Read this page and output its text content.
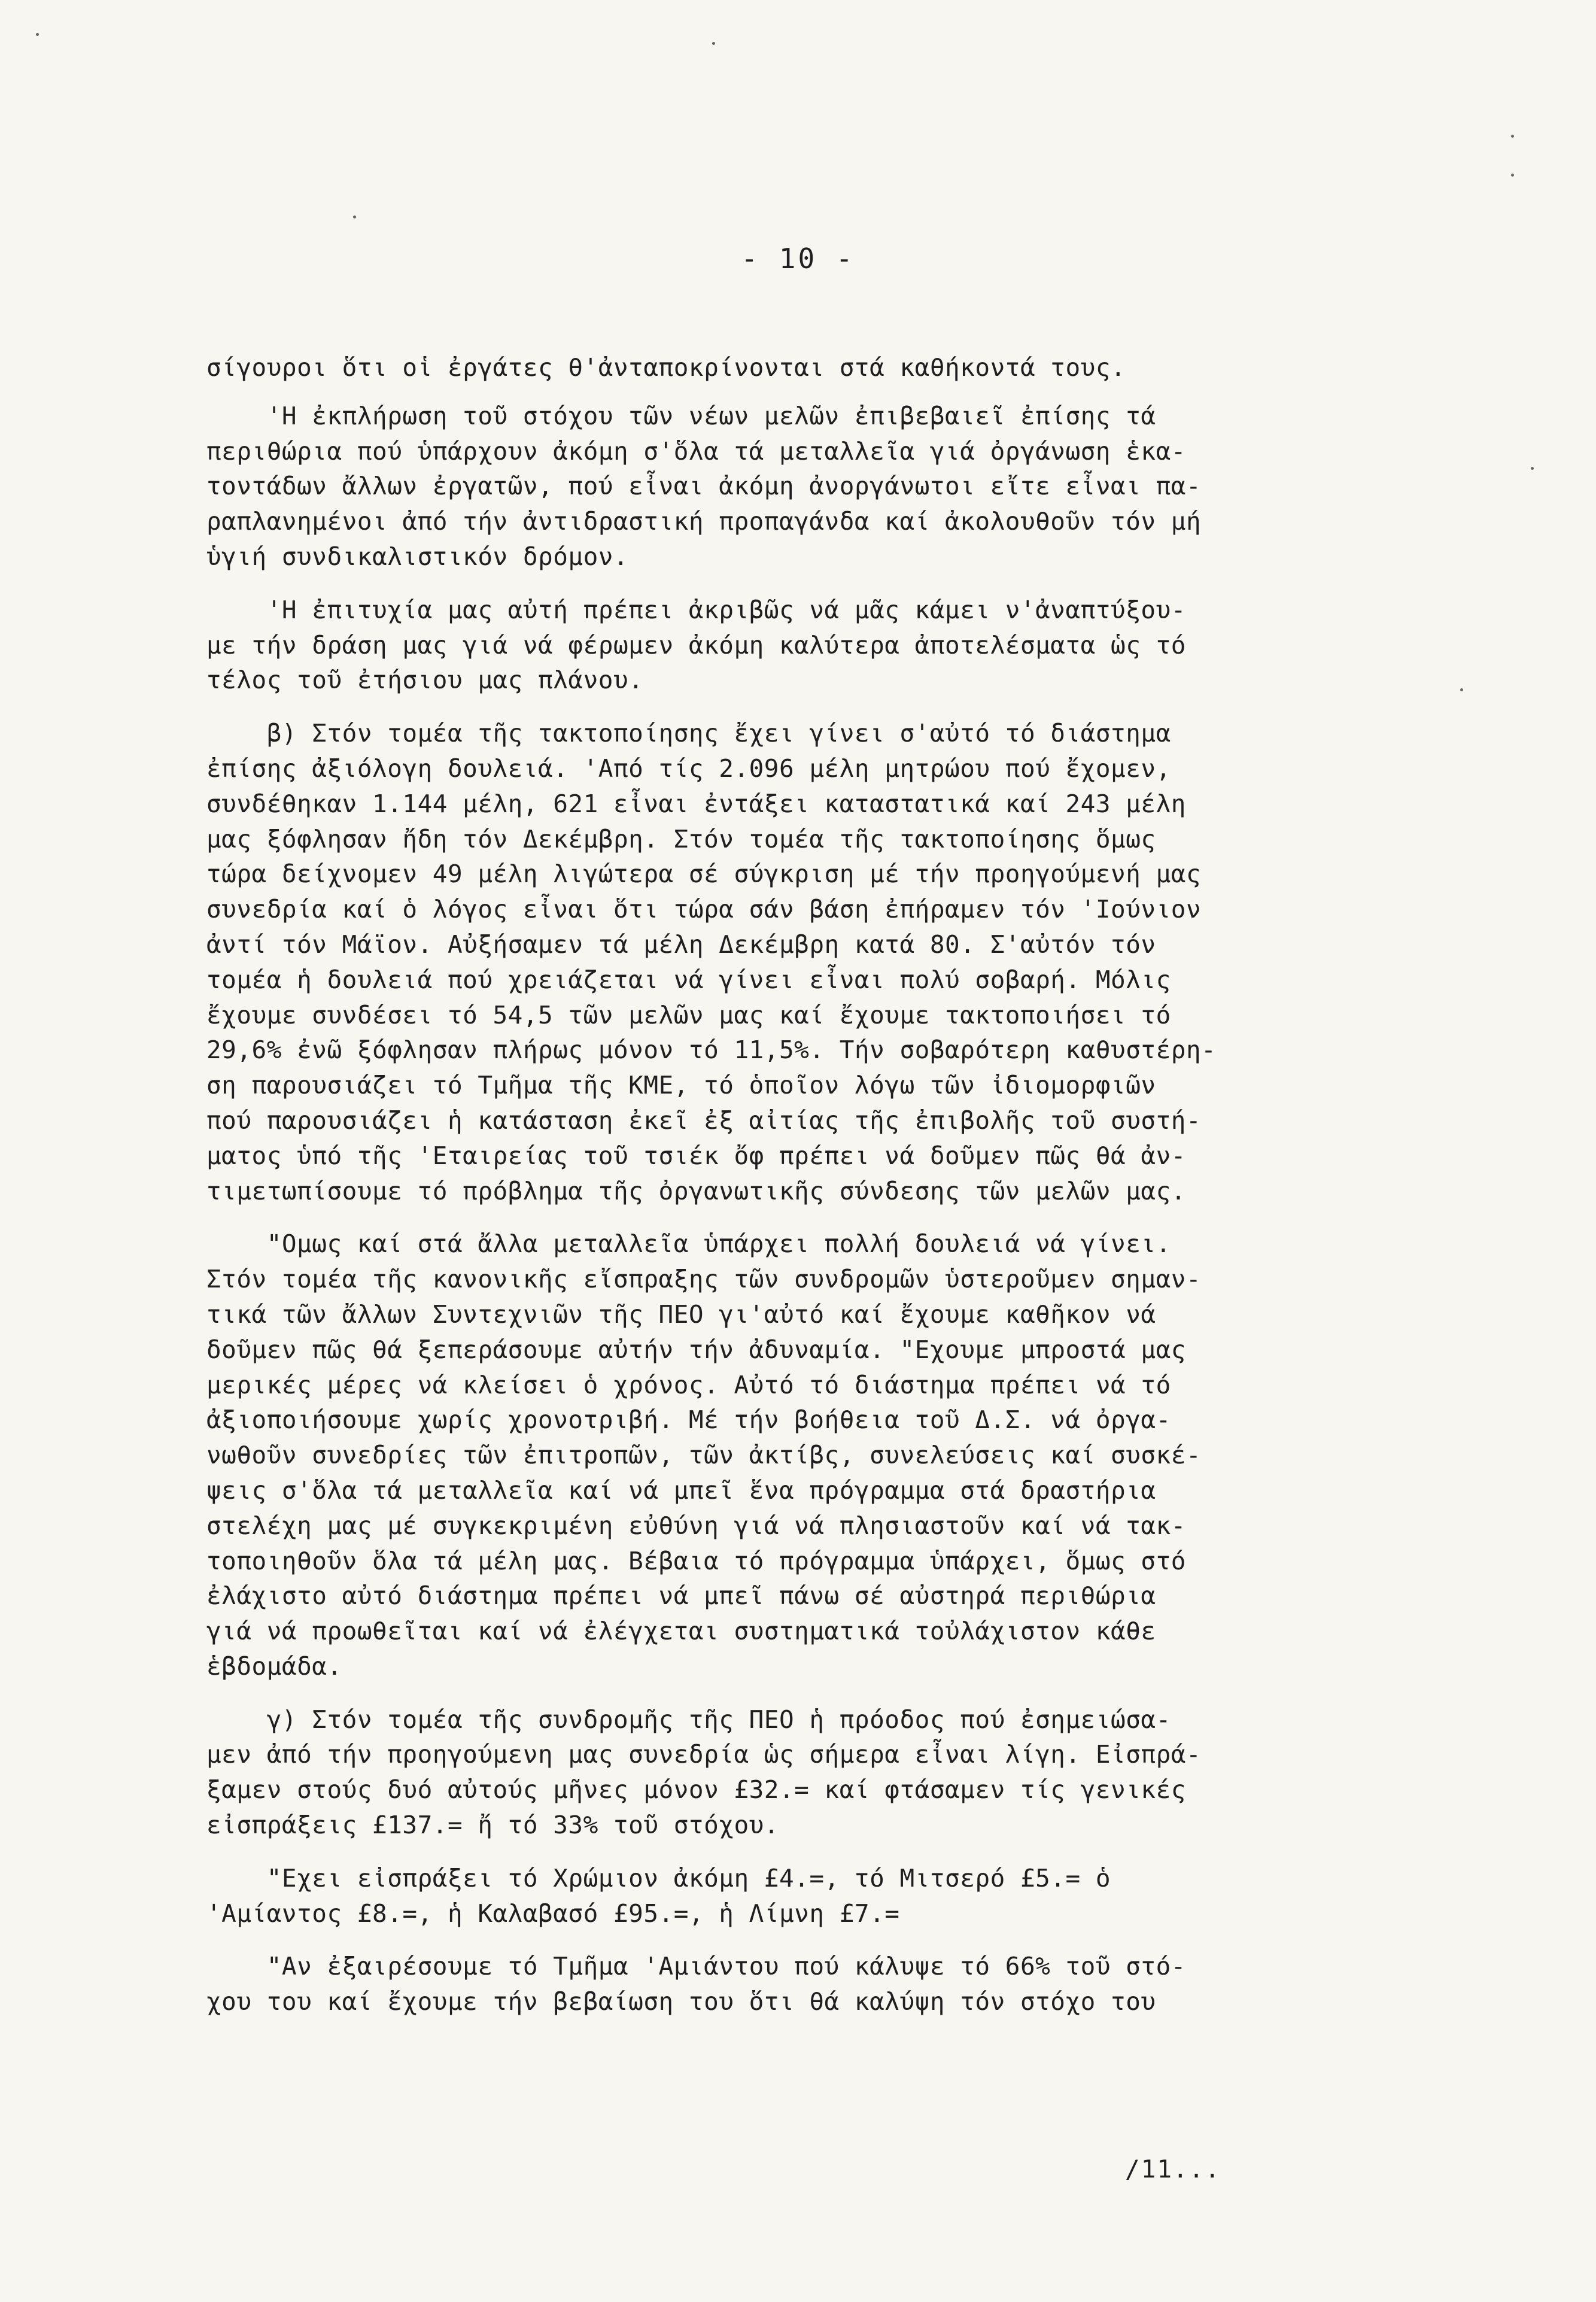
- 10 -
σίγουροι ὅτι οἱ ἐργάτες θ'ἀνταποκρίνονται στά καθήκοντά τους.
'Η ἐκπλήρωση τοῦ στόχου τῶν νέων μελῶν ἐπιβεβαιεῖ ἐπίσης τά
περιθώρια πού ὑπάρχουν ἀκόμη σ'ὅλα τά μεταλλεῖα γιά ὀργάνωση ἑκα-
τοντάδων ἄλλων ἐργατῶν, πού εἶναι ἀκόμη ἀνοργάνωτοι εἴτε εἶναι πα-
ραπλανημένοι ἀπό τήν ἀντιδραστική προπαγάνδα καί ἀκολουθοῦν τόν μή
ὑγιή συνδικαλιστικόν δρόμον.
'Η ἐπιτυχία μας αὐτή πρέπει ἀκριβῶς νά μᾶς κάμει ν'ἀναπτύξου-
με τήν δράση μας γιά νά φέρωμεν ἀκόμη καλύτερα ἀποτελέσματα ὡς τό
τέλος τοῦ ἐτήσιου μας πλάνου.
β) Στόν τομέα τῆς τακτοποίησης ἔχει γίνει σ'αὐτό τό διάστημα
ἐπίσης ἀξιόλογη δουλειά. 'Από τίς 2.096 μέλη μητρώου πού ἔχομεν,
συνδέθηκαν 1.144 μέλη, 621 εἶναι ἐντάξει καταστατικά καί 243 μέλη
μας ξόφλησαν ἤδη τόν Δεκέμβρη. Στόν τομέα τῆς τακτοποίησης ὅμως
τώρα δείχνομεν 49 μέλη λιγώτερα σέ σύγκριση μέ τήν προηγούμενή μας
συνεδρία καί ὁ λόγος εἶναι ὅτι τώρα σάν βάση ἐπήραμεν τόν 'Ιούνιον
ἀντί τόν Μάϊον. Αὐξήσαμεν τά μέλη Δεκέμβρη κατά 80. Σ'αὐτόν τόν
τομέα ἡ δουλειά πού χρειάζεται νά γίνει εἶναι πολύ σοβαρή. Μόλις
ἔχουμε συνδέσει τό 54,5 τῶν μελῶν μας καί ἔχουμε τακτοποιήσει τό
29,6% ἐνῶ ξόφλησαν πλήρως μόνον τό 11,5%. Τήν σοβαρότερη καθυστέρη-
ση παρουσιάζει τό Τμῆμα τῆς ΚΜΕ, τό ὁποῖον λόγω τῶν ἰδιομορφιῶν
πού παρουσιάζει ἡ κατάσταση ἐκεῖ ἐξ αἰτίας τῆς ἐπιβολῆς τοῦ συστή-
ματος ὑπό τῆς 'Εταιρείας τοῦ τσιέκ ὄφ πρέπει νά δοῦμεν πῶς θά ἀν-
τιμετωπίσουμε τό πρόβλημα τῆς ὀργανωτικῆς σύνδεσης τῶν μελῶν μας.
"Ομως καί στά ἄλλα μεταλλεῖα ὑπάρχει πολλή δουλειά νά γίνει.
Στόν τομέα τῆς κανονικῆς εἴσπραξης τῶν συνδρομῶν ὑστεροῦμεν σημαν-
τικά τῶν ἄλλων Συντεχνιῶν τῆς ΠΕΟ γι'αὐτό καί ἔχουμε καθῆκον νά
δοῦμεν πῶς θά ξεπεράσουμε αὐτήν τήν ἀδυναμία. "Εχουμε μπροστά μας
μερικές μέρες νά κλείσει ὁ χρόνος. Αὐτό τό διάστημα πρέπει νά τό
ἀξιοποιήσουμε χωρίς χρονοτριβή. Μέ τήν βοήθεια τοῦ Δ.Σ. νά ὀργα-
νωθοῦν συνεδρίες τῶν ἐπιτροπῶν, τῶν ἀκτίβς, συνελεύσεις καί συσκέ-
ψεις σ'ὅλα τά μεταλλεῖα καί νά μπεῖ ἕνα πρόγραμμα στά δραστήρια
στελέχη μας μέ συγκεκριμένη εὐθύνη γιά νά πλησιαστοῦν καί νά τακ-
τοποιηθοῦν ὅλα τά μέλη μας. Βέβαια τό πρόγραμμα ὑπάρχει, ὅμως στό
ἐλάχιστο αὐτό διάστημα πρέπει νά μπεῖ πάνω σέ αὐστηρά περιθώρια
γιά νά προωθεῖται καί νά ἐλέγχεται συστηματικά τοὐλάχιστον κάθε
ἑβδομάδα.
γ) Στόν τομέα τῆς συνδρομῆς τῆς ΠΕΟ ἡ πρόοδος πού ἐσημειώσα-
μεν ἀπό τήν προηγούμενη μας συνεδρία ὡς σήμερα εἶναι λίγη. Εἰσπρά-
ξαμεν στούς δυό αὐτούς μῆνες μόνον £32.= καί φτάσαμεν τίς γενικές
εἰσπράξεις £137.= ἤ τό 33% τοῦ στόχου.
"Εχει εἰσπράξει τό Χρώμιον ἀκόμη £4.=, τό Μιτσερό £5.= ὁ
'Αμίαντος £8.=, ἡ Καλαβασό £95.=, ἡ Λίμνη £7.=
"Αν ἐξαιρέσουμε τό Τμῆμα 'Αμιάντου πού κάλυψε τό 66% τοῦ στό-
χου του καί ἔχουμε τήν βεβαίωση του ὅτι θά καλύψη τόν στόχο του
/11...
